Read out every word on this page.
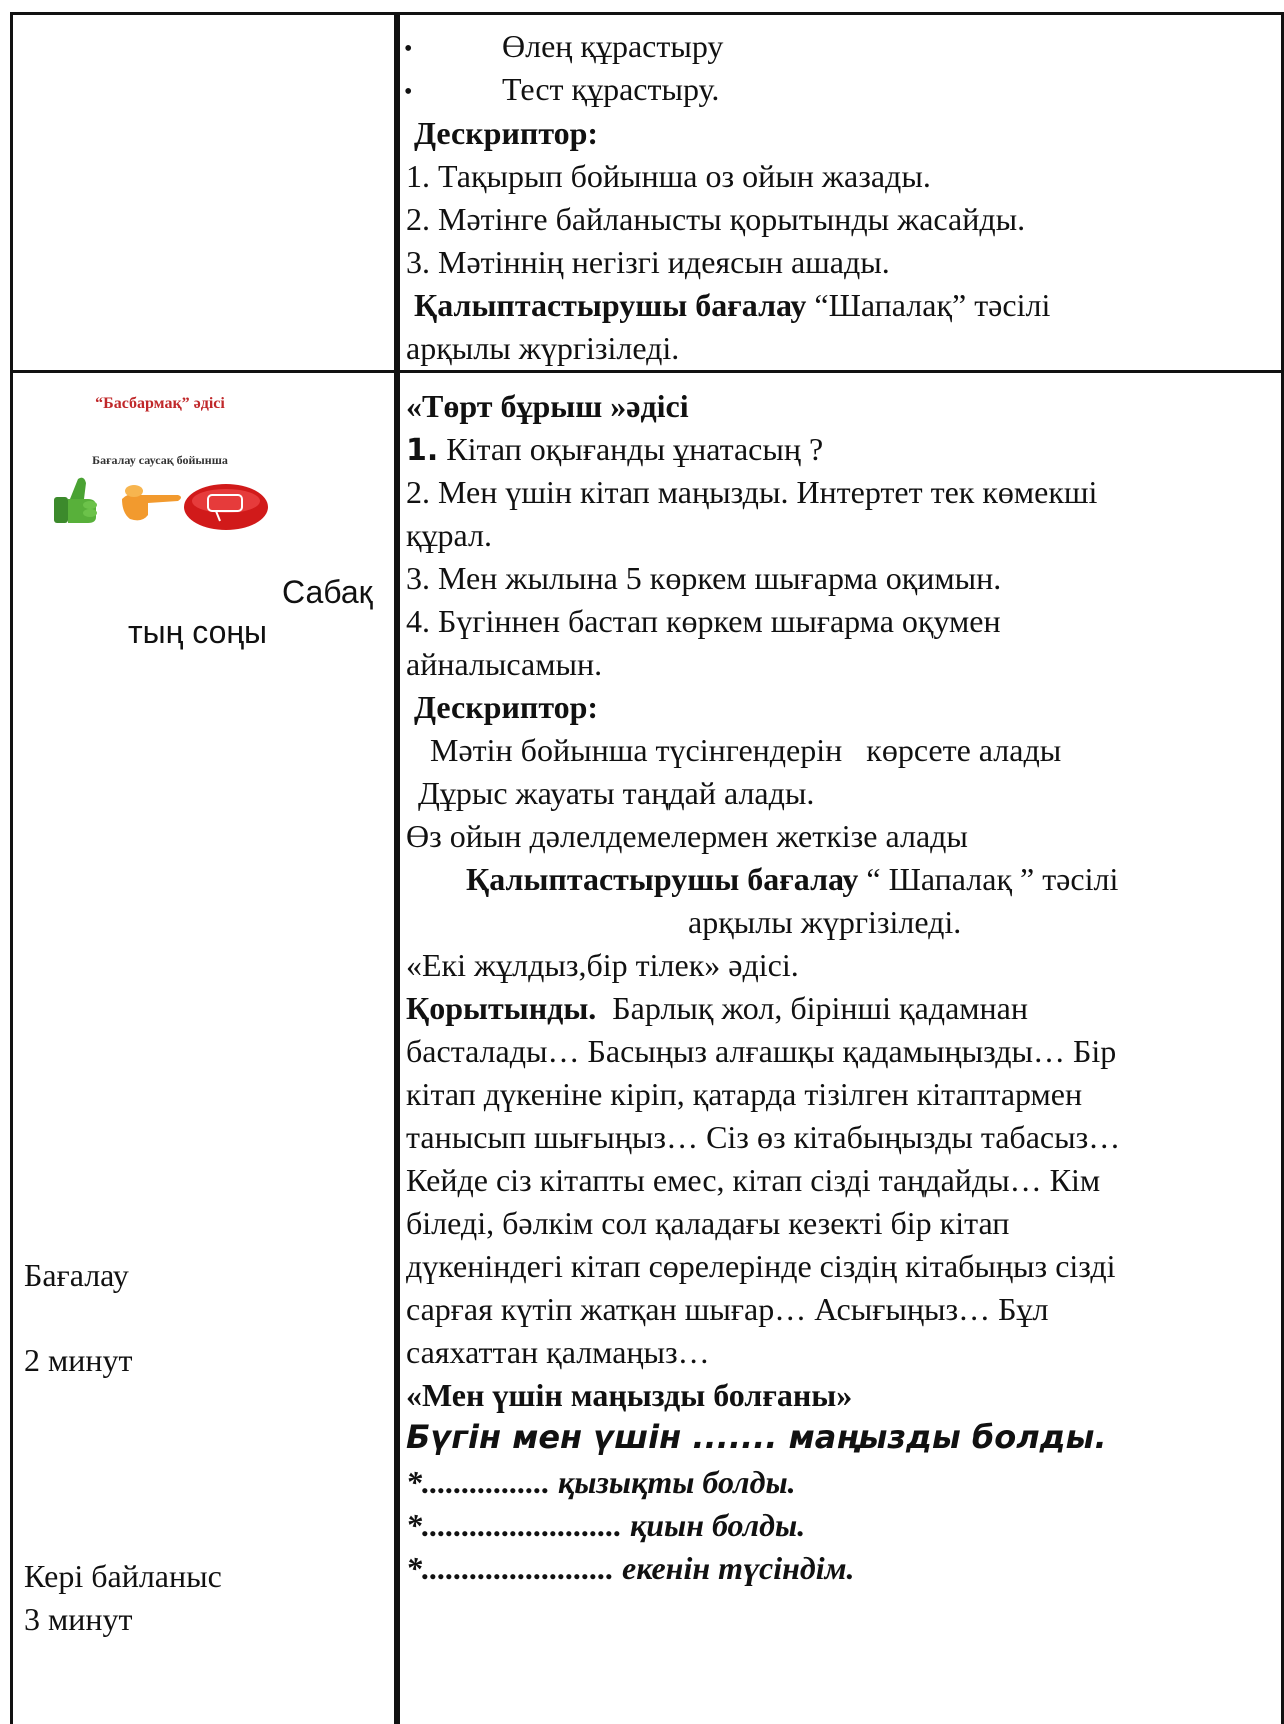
•	Өлең құрастыру
•	Тест құрастыру.
Дескриптор:
1. Тақырып бойынша оз ойын жазады.
2. Мәтінге байланысты қорытынды жасайды.
3. Мәтіннің негізгі идеясын ашады.
Қалыптастырушы бағалау “Шапалақ” тәсілі
арқылы жүргізіледі.
“Басбармақ” әдісі
Бағалау саусақ бойынша
Сабақ
тың соңы
Бағалау
2 минут
Кері байланыс
3 минут
«Төрт бұрыш »әдісі
1. Кітап оқығанды ұнатасың ?
2. Мен үшін кітап маңызды. Интертет тек көмекші
құрал.
3. Мен жылына 5 көркем шығарма оқимын.
4. Бүгіннен бастап көркем шығарма оқумен
айналысамын.
Дескриптор:
Мәтін бойынша түсінгендерін   көрсете алады
Дұрыс жауаты таңдай алады.
Өз ойын дәлелдемелермен жеткізе алады
Қалыптастырушы бағалау “ Шапалақ ” тәсілі
арқылы жүргізіледі.
«Екі жұлдыз,бір тілек» әдісі.
Қорытынды.  Барлық жол, бірінші қадамнан
басталады… Басыңыз алғашқы қадамыңызды… Бір
кітап дүкеніне кіріп, қатарда тізілген кітаптармен
танысып шығыңыз… Сіз өз кітабыңызды табасыз…
Кейде сіз кітапты емес, кітап сізді таңдайды… Кім
біледі, бәлкім сол қаладағы кезекті бір кітап
дүкеніндегі кітап сөрелерінде сіздің кітабыңыз сізді
сарғая күтіп жатқан шығар… Асығыңыз… Бұл
саяхаттан қалмаңыз…
«Мен үшін маңызды болғаны»
Бүгін мен үшін ....... маңызды болды.
*................ қызықты болды.
*......................... қиын болды.
*........................ екенін түсіндім.
